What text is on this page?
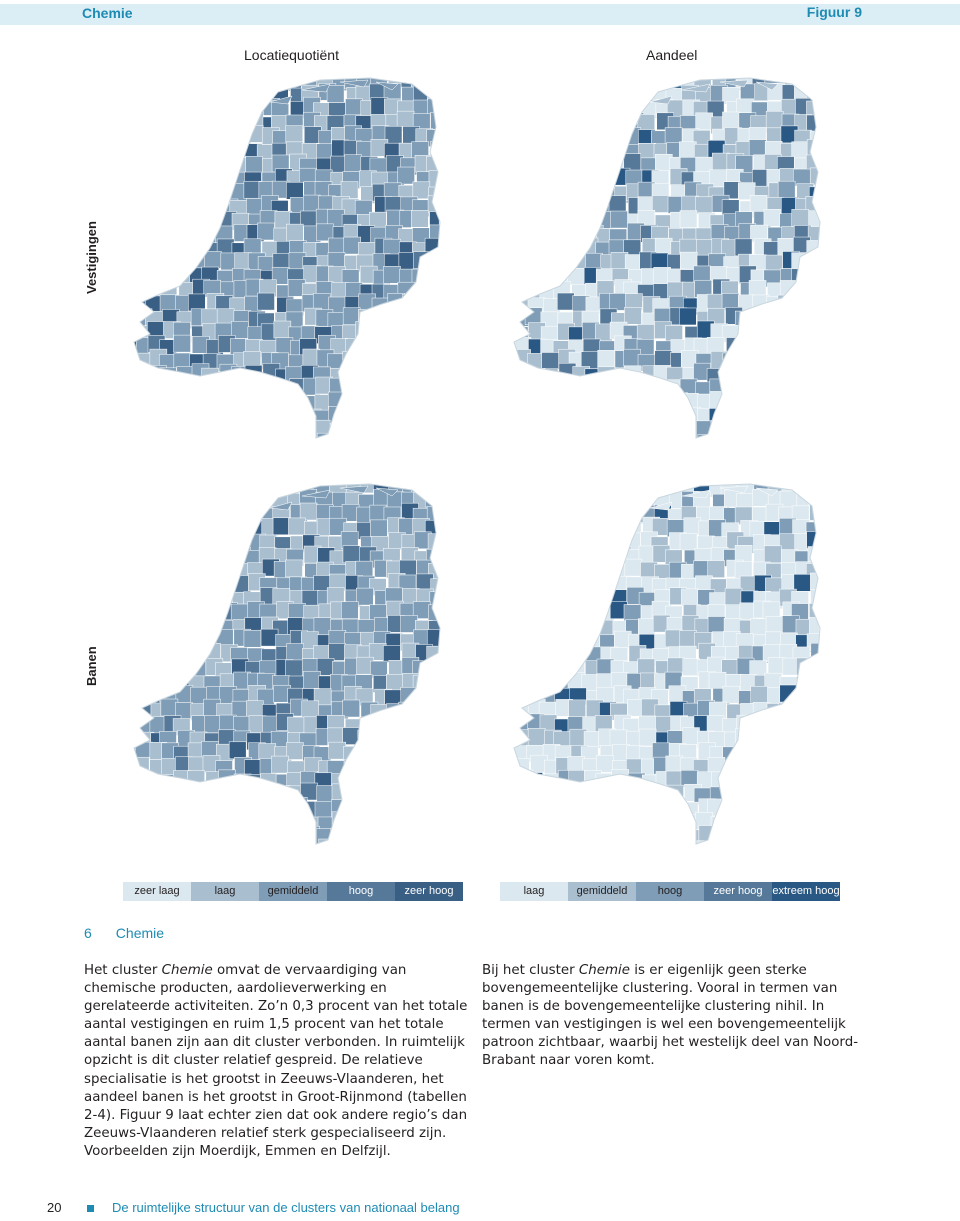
Chemie	Figuur 9
Locatiequotiënt	Aandeel
Vestigingen
Banen
zeer laag	laag	gemiddeld	hoog	zeer hoog	laag	gemiddeld	hoog	zeer hoog extreem hoog
6 Chemie

Het cluster Chemie omvat de vervaardiging van chemische producten, aardolieverwerking en gerelateerde activiteiten. Zo’n 0,3 procent van het totale aantal vestigingen en ruim 1,5 procent van het totale aantal banen zijn aan dit cluster verbonden. In ruimtelijk opzicht is dit cluster relatief gespreid. De relatieve specialisatie is het grootst in Zeeuws-Vlaanderen, het aandeel banen is het grootst in Groot-Rijnmond (tabellen 2-4). Figuur 9 laat echter zien dat ook andere regio’s dan Zeeuws-Vlaanderen relatief sterk gespecialiseerd zijn. Voorbeelden zijn Moerdijk, Emmen en Delfzijl.

Bij het cluster Chemie is er eigenlijk geen sterke bovengemeentelijke clustering. Vooral in termen van banen is de bovengemeentelijke clustering nihil. In termen van vestigingen is wel een bovengemeentelijk patroon zichtbaar, waarbij het westelijk deel van Noord-Brabant naar voren komt.

20	De ruimtelijke structuur van de clusters van nationaal belang
